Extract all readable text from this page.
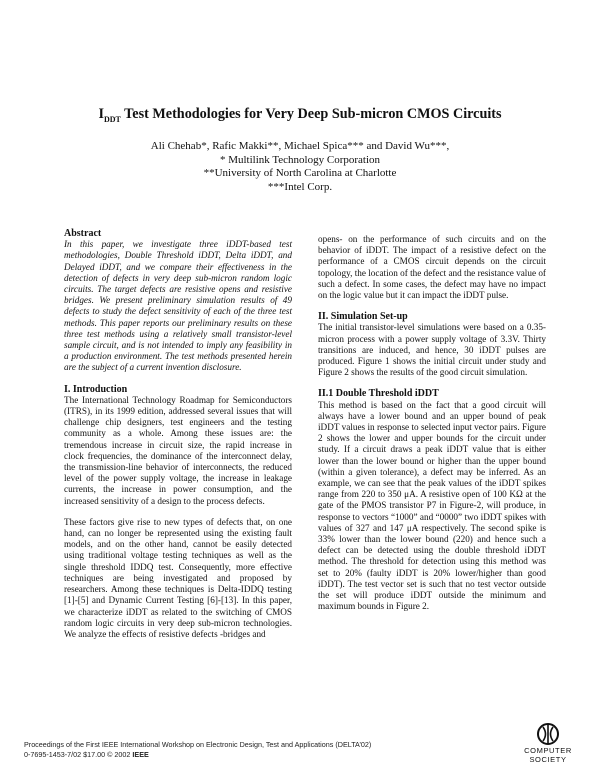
$I_{DDT}$ Test Methodologies for Very Deep Sub-micron CMOS Circuits
Ali Chehab*, Rafic Makki**, Michael Spica*** and David Wu***,
* Multilink Technology Corporation
**University of North Carolina at Charlotte
***Intel Corp.

Abstract

In this paper, we investigate three iDDT-based test methodologies, Double Threshold iDDT, Delta iDDT, and Delayed iDDT, and we compare their effectiveness in the detection of defects in very deep sub-micron random logic circuits. The target defects are resistive opens and resistive bridges. We present preliminary simulation results of 49 defects to study the defect sensitivity of each of the three test methods. This paper reports our preliminary results on these three test methods using a relatively small transistor-level sample circuit, and is not intended to imply any feasibility in a production environment. The test methods presented herein are the subject of a current invention disclosure.

I. Introduction

The International Technology Roadmap for Semiconductors (ITRS), in its 1999 edition, addressed several issues that will challenge chip designers, test engineers and the testing community as a whole. Among these issues are: the tremendous increase in circuit size, the rapid increase in clock frequencies, the dominance of the interconnect delay, the transmission-line behavior of interconnects, the reduced level of the power supply voltage, the increase in leakage currents, the increase in power consumption, and the increased sensitivity of a design to the process defects.

These factors give rise to new types of defects that, on one hand, can no longer be represented using the existing fault models, and on the other hand, cannot be easily detected using traditional voltage testing techniques as well as the single threshold IDDQ test. Consequently, more effective techniques are being investigated and proposed by researchers. Among these techniques is Delta-IDDQ testing [1]-[5] and Dynamic Current Testing [6]-[13]. In this paper, we characterize iDDT as related to the switching of CMOS random logic circuits in very deep sub-micron technologies. We analyze the effects of resistive defects -bridges and

opens- on the performance of such circuits and on the behavior of iDDT. The impact of a resistive defect on the performance of a CMOS circuit depends on the circuit topology, the location of the defect and the resistance value of such a defect. In some cases, the defect may have no impact on the logic value but it can impact the iDDT pulse.

II. Simulation Set-up

The initial transistor-level simulations were based on a 0.35-micron process with a power supply voltage of 3.3V. Thirty transitions are induced, and hence, 30 iDDT pulses are produced. Figure 1 shows the initial circuit under study and Figure 2 shows the results of the good circuit simulation.

II.1 Double Threshold iDDT

This method is based on the fact that a good circuit will always have a lower bound and an upper bound of peak iDDT values in response to selected input vector pairs. Figure 2 shows the lower and upper bounds for the circuit under study. If a circuit draws a peak iDDT value that is either lower than the lower bound or higher than the upper bound (within a given tolerance), a defect may be inferred. As an example, we can see that the peak values of the iDDT spikes range from 220 to 350 μA. A resistive open of 100 KΩ at the gate of the PMOS transistor P7 in Figure-2, will produce, in response to vectors “1000” and “0000” two iDDT spikes with values of 327 and 147 μA respectively. The second spike is 33% lower than the lower bound (220) and hence such a defect can be detected using the double threshold iDDT method. The threshold for detection using this method was set to 20% (faulty iDDT is 20% lower/higher than good iDDT). The test vector set is such that no test vector outside the set will produce iDDT outside the minimum and maximum bounds in Figure 2.

Proceedings of the First IEEE International Workshop on Electronic Design, Test and Applications (DELTA’02)
0-7695-1453-7/02 $17.00 © 2002 IEEE	COMPUTER
SOCIETY
